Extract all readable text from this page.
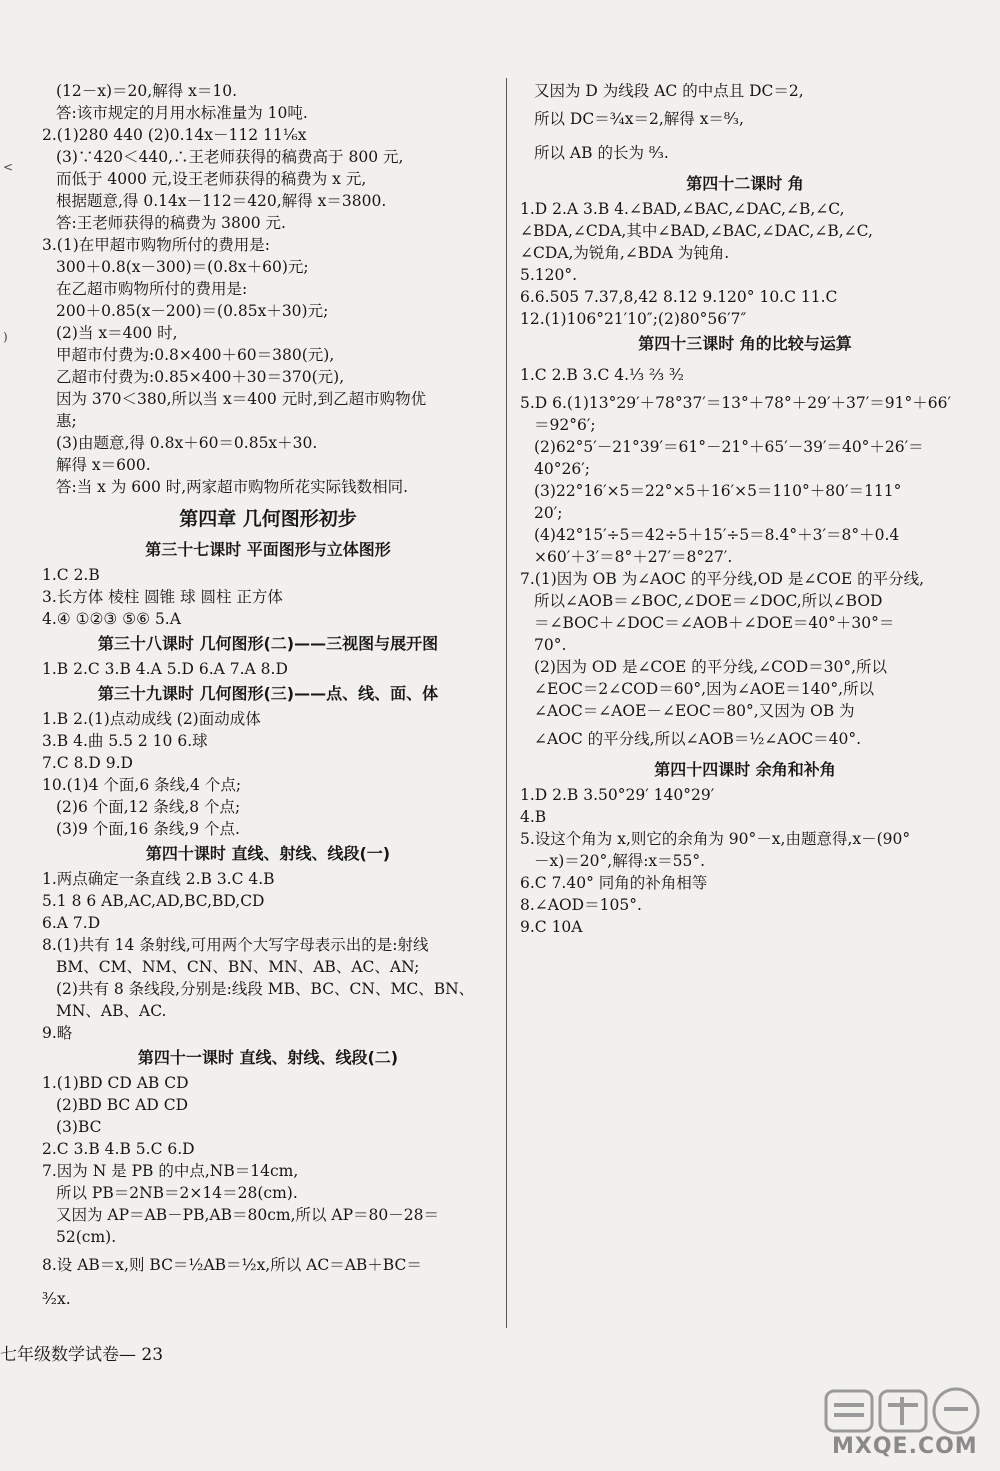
(12－x)＝20,解得 x＝10.
答:该市规定的月用水标准量为 10吨.
2.(1)280 440 (2)0.14x－112 11⅟₆x
(3)∵420＜440,∴王老师获得的稿费高于 800 元,
而低于 4000 元,设王老师获得的稿费为 x 元,
根据题意,得 0.14x－112＝420,解得 x＝3800.
答:王老师获得的稿费为 3800 元.
3.(1)在甲超市购物所付的费用是:
300＋0.8(x－300)＝(0.8x＋60)元;
在乙超市购物所付的费用是:
200＋0.85(x－200)＝(0.85x＋30)元;
(2)当 x＝400 时,
甲超市付费为:0.8×400＋60＝380(元),
乙超市付费为:0.85×400＋30＝370(元),
因为 370＜380,所以当 x＝400 元时,到乙超市购物优
惠;
(3)由题意,得 0.8x＋60＝0.85x＋30.
解得 x＝600.
答:当 x 为 600 时,两家超市购物所花实际钱数相同.
第四章 几何图形初步
第三十七课时 平面图形与立体图形
1.C 2.B
3.长方体 棱柱 圆锥 球 圆柱 正方体
4.④ ①②③ ⑤⑥ 5.A
第三十八课时 几何图形(二)——三视图与展开图
1.B 2.C 3.B 4.A 5.D 6.A 7.A 8.D
第三十九课时 几何图形(三)——点、线、面、体
1.B 2.(1)点动成线 (2)面动成体
3.B 4.曲 5.5 2 10 6.球
7.C 8.D 9.D
10.(1)4 个面,6 条线,4 个点;
(2)6 个面,12 条线,8 个点;
(3)9 个面,16 条线,9 个点.
第四十课时 直线、射线、线段(一)
1.两点确定一条直线 2.B 3.C 4.B
5.1 8 6 AB,AC,AD,BC,BD,CD
6.A 7.D
8.(1)共有 14 条射线,可用两个大写字母表示出的是:射线
BM、CM、NM、CN、BN、MN、AB、AC、AN;
(2)共有 8 条线段,分别是:线段 MB、BC、CN、MC、BN、
MN、AB、AC.
9.略
第四十一课时 直线、射线、线段(二)
1.(1)BD CD AB CD
(2)BD BC AD CD
(3)BC
2.C 3.B 4.B 5.C 6.D
7.因为 N 是 PB 的中点,NB＝14cm,
所以 PB＝2NB＝2×14＝28(cm).
又因为 AP＝AB－PB,AB＝80cm,所以 AP＝80－28＝
52(cm).
8.设 AB＝x,则 BC＝½AB＝½x,所以 AC＝AB＋BC＝
³⁄₂x.
又因为 D 为线段 AC 的中点且 DC＝2,
所以 DC＝¾x＝2,解得 x＝⁸⁄₃,
所以 AB 的长为 ⁸⁄₃.
第四十二课时 角
1.D 2.A 3.B 4.∠BAD,∠BAC,∠DAC,∠B,∠C,
∠BDA,∠CDA,其中∠BAD,∠BAC,∠DAC,∠B,∠C,
∠CDA,为锐角,∠BDA 为钝角.
5.120°.
6.6.505 7.37,8,42 8.12 9.120° 10.C 11.C
12.(1)106°21′10″;(2)80°56′7″
第四十三课时 角的比较与运算
1.C 2.B 3.C 4.⅓ ⅔ ³⁄₂
5.D 6.(1)13°29′＋78°37′＝13°＋78°＋29′＋37′＝91°＋66′
＝92°6′;
(2)62°5′－21°39′＝61°－21°＋65′－39′＝40°＋26′＝
40°26′;
(3)22°16′×5＝22°×5＋16′×5＝110°＋80′＝111°
20′;
(4)42°15′÷5＝42÷5＋15′÷5＝8.4°＋3′＝8°＋0.4
×60′＋3′＝8°＋27′＝8°27′.
7.(1)因为 OB 为∠AOC 的平分线,OD 是∠COE 的平分线,
所以∠AOB＝∠BOC,∠DOE＝∠DOC,所以∠BOD
＝∠BOC＋∠DOC＝∠AOB＋∠DOE＝40°＋30°＝
70°.
(2)因为 OD 是∠COE 的平分线,∠COD＝30°,所以
∠EOC＝2∠COD＝60°,因为∠AOE＝140°,所以
∠AOC＝∠AOE－∠EOC＝80°,又因为 OB 为
∠AOC 的平分线,所以∠AOB＝½∠AOC＝40°.
第四十四课时 余角和补角
1.D 2.B 3.50°29′ 140°29′
4.B
5.设这个角为 x,则它的余角为 90°－x,由题意得,x－(90°
－x)＝20°,解得:x＝55°.
6.C 7.40° 同角的补角相等
8.∠AOD＝105°.
9.C 10A
七年级数学试卷— 23
MXQE.COM
<
)
